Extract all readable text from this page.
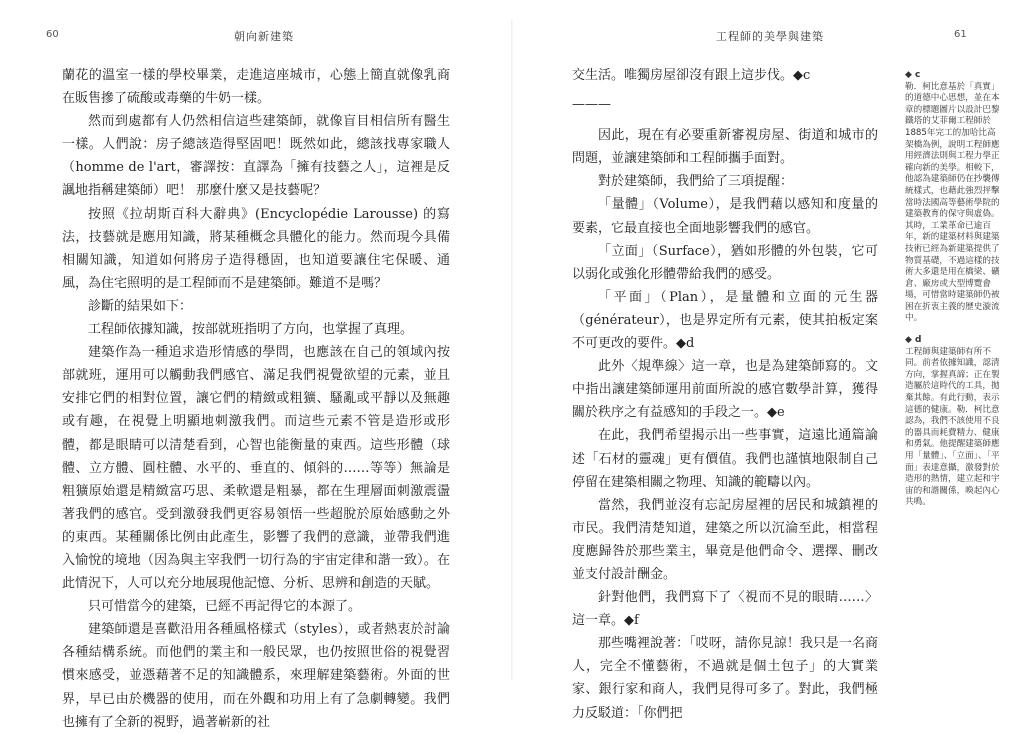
60	朝向新建築

蘭花的溫室一樣的學校畢業，走進這座城市，心態上簡直就像乳商在販售摻了硫酸或毒藥的牛奶一樣。

然而到處都有人仍然相信這些建築師，就像盲目相信所有醫生一樣。人們說：房子總該造得堅固吧！既然如此，總該找專家職人（homme de l'art，審譯按：直譯為「擁有技藝之人」，這裡是反諷地指稱建築師）吧！ 那麼什麼又是技藝呢？

按照《拉胡斯百科大辭典》(Encyclopédie Larousse) 的寫法，技藝就是應用知識，將某種概念具體化的能力。然而現今具備相關知識，知道如何將房子造得穩固，也知道要讓住宅保暖、通風，為住宅照明的是工程師而不是建築師。難道不是嗎？

診斷的結果如下：

工程師依據知識，按部就班指明了方向，也掌握了真理。

建築作為一種追求造形情感的學問，也應該在自己的領域內按部就班，運用可以觸動我們感官、滿足我們視覺欲望的元素，並且安排它們的相對位置，讓它們的精緻或粗獷、騷亂或平靜以及無趣或有趣，在視覺上明顯地刺激我們。而這些元素不管是造形或形體，都是眼睛可以清楚看到，心智也能衡量的東西。這些形體（球體、立方體、圓柱體、水平的、垂直的、傾斜的……等等）無論是粗獷原始還是精緻富巧思、柔軟還是粗暴，都在生理層面刺激震盪著我們的感官。受到激發我們更容易領悟一些超脫於原始感動之外的東西。某種關係比例由此產生，影響了我們的意識，並帶我們進入愉悅的境地（因為與主宰我們一切行為的宇宙定律和諧一致）。在此情況下，人可以充分地展現他記憶、分析、思辨和創造的天賦。

只可惜當今的建築，已經不再記得它的本源了。

建築師還是喜歡沿用各種風格樣式（styles），或者熱衷於討論各種結構系統。而他們的業主和一般民眾，也仍按照世俗的視覺習慣來感受，並憑藉著不足的知識體系，來理解建築藝術。外面的世界，早已由於機器的使用，而在外觀和功用上有了急劇轉變。我們也擁有了全新的視野，過著嶄新的社

工程師的美學與建築	61

交生活。唯獨房屋卻沒有跟上這步伐。◆c

———

因此，現在有必要重新審視房屋、街道和城市的問題，並讓建築師和工程師攜手面對。

對於建築師，我們給了三項提醒：

「量體」（Volume），是我們藉以感知和度量的要素，它最直接也全面地影響我們的感官。

「立面」（Surface），猶如形體的外包裝，它可以弱化或強化形體帶給我們的感受。

「平面」（Plan），是量體和立面的元生器（générateur），也是界定所有元素，使其拍板定案不可更改的要件。◆d

此外〈規準線〉這一章，也是為建築師寫的。文中指出讓建築師運用前面所說的感官數學計算，獲得關於秩序之有益感知的手段之一。◆e

在此，我們希望揭示出一些事實，這遠比通篇論述「石材的靈魂」更有價值。我們也謹慎地限制自己停留在建築相關之物理、知識的範疇以內。

當然，我們並沒有忘記房屋裡的居民和城鎮裡的市民。我們清楚知道，建築之所以沉淪至此，相當程度應歸咎於那些業主，畢竟是他們命令、選擇、刪改並支付設計酬金。

針對他們，我們寫下了〈視而不見的眼睛……〉這一章。◆f

那些嘴裡說著：「哎呀，請你見諒！我只是一名商人，完全不懂藝術，不過就是個土包子」的大實業家、銀行家和商人，我們見得可多了。對此，我們極力反駁道：「你們把

◆ c

勒．柯比意基於「真實」的道德中心思想，並在本章的標題圖片以設計巴黎鐵塔的艾菲爾工程師於1885年完工的加哈比高架橋為例，說明工程師應用經濟法則與工程力學正確向新的美學。相較下，他認為建築師仍在抄襲傳統樣式，也藉此強烈抨擊當時法國高等藝術學院的建築教育的保守與虛偽。其時，工業革命已逾百年，新的建築材料與建築技術已經為新建築提供了物質基礎，不過這樣的技術大多還是用在橋梁、礦倉、廠房或大型博覽會場，可惜當時建築師仍被困在折衷主義的歷史漩流中。

◆ d

工程師與建築師有所不同。前者依據知識，認清方向，掌握真諦；正在製造屬於這時代的工具，拋棄其餘。有此行動，表示這德的健康。勒．柯比意認為，我們不該使用不良的器具而耗費精力、健康和勇氣。他提醒建築師應用「量體」、「立面」、「平面」表達意攝，激發對於造形的熱情，建立起和宇宙的和諧關係，喚起內心共鳴。
